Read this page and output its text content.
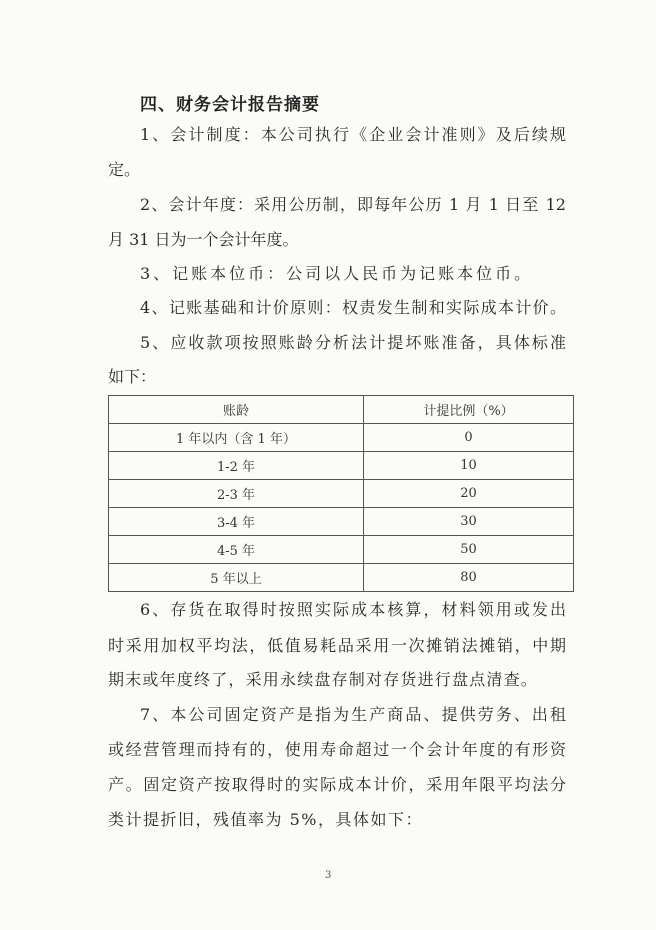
四、财务会计报告摘要
1、会计制度：本公司执行《企业会计准则》及后续规
定。
2、会计年度：采用公历制，即每年公历 1 月 1 日至 12
月 31 日为一个会计年度。
3、记账本位币：公司以人民币为记账本位币。
4、记账基础和计价原则：权责发生制和实际成本计价。
5、应收款项按照账龄分析法计提坏账准备，具体标准
如下：
账龄	计提比例（%）
1 年以内（含 1 年）	0
1-2 年	10
2-3 年	20
3-4 年	30
4-5 年	50
5 年以上	80
6、存货在取得时按照实际成本核算，材料领用或发出
时采用加权平均法，低值易耗品采用一次摊销法摊销，中期
期末或年度终了，采用永续盘存制对存货进行盘点清查。
7、本公司固定资产是指为生产商品、提供劳务、出租
或经营管理而持有的，使用寿命超过一个会计年度的有形资
产。固定资产按取得时的实际成本计价，采用年限平均法分
类计提折旧，残值率为 5%，具体如下：
3
